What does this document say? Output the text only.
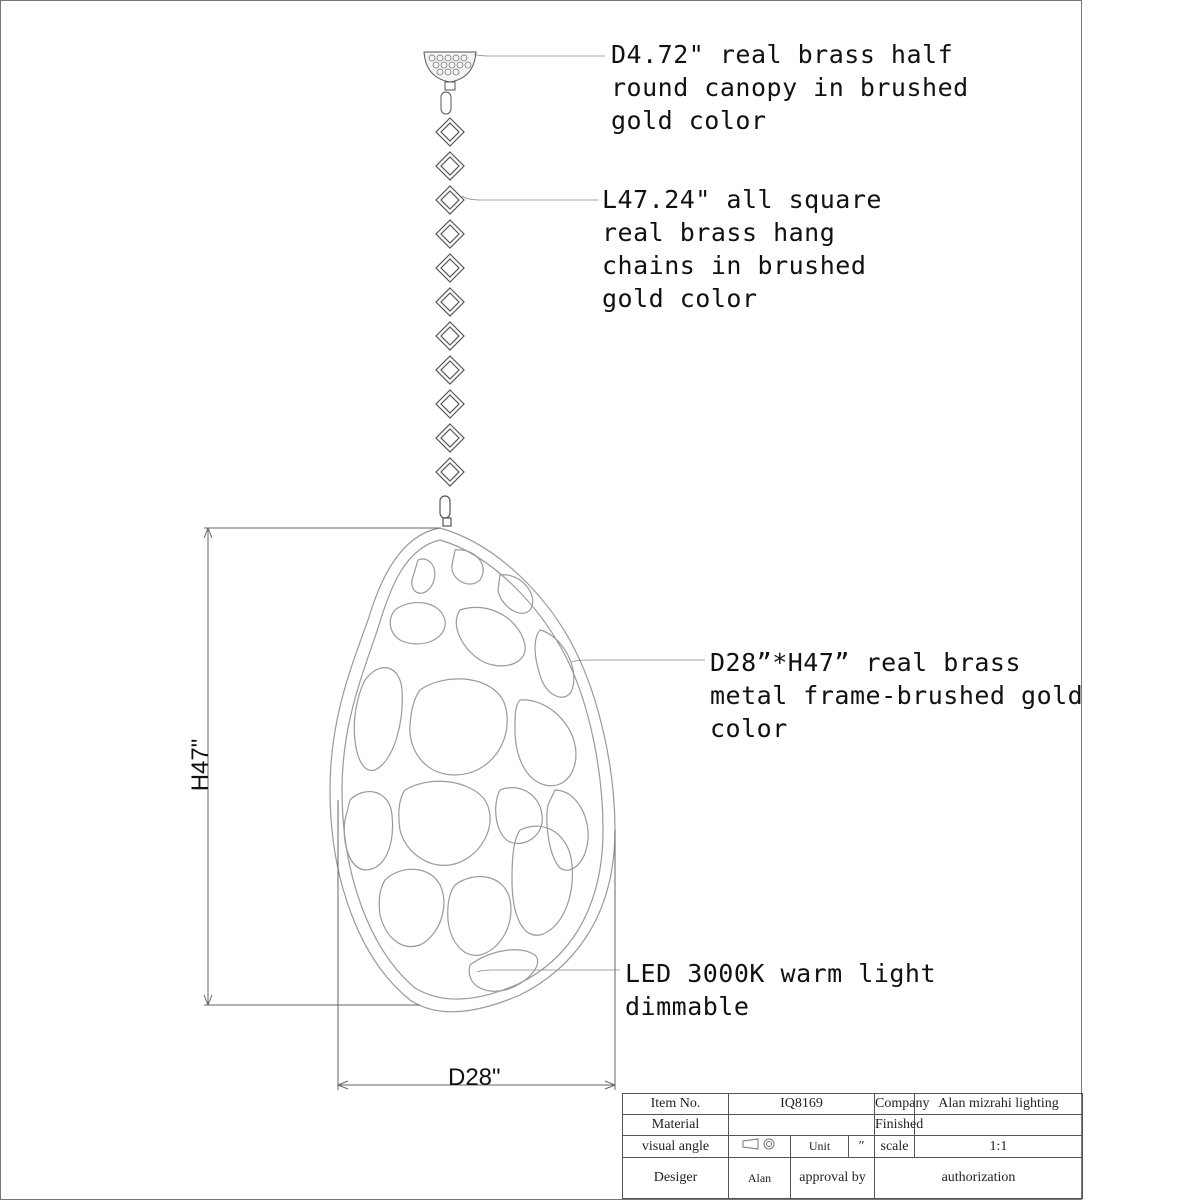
D4.72" real brass half
round canopy in brushed
gold color
L47.24" all square
real brass hang
chains in brushed
gold color
D28”*H47” real brass
metal frame-brushed gold
color
LED 3000K warm light
dimmable
H47"
D28"
Item No.	IQ8169			Company	Alan mizrahi lighting
Material				Finished	
visual angle		Unit	″	scale	1:1
Desiger	Alan	approval by		authorization	
